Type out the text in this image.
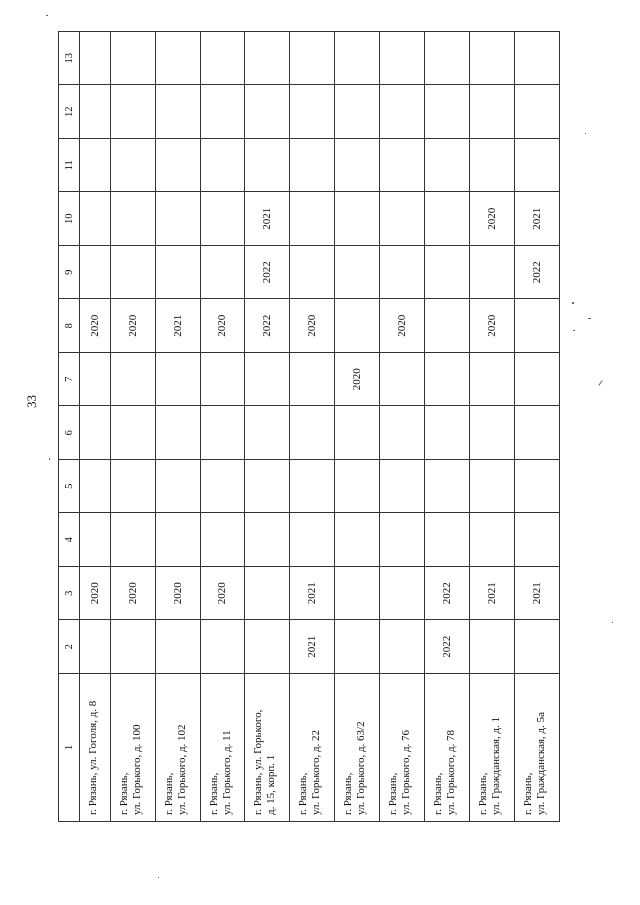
33
1	2	3	4	5	6	7	8	9	10	11	12	13
г. Рязань, ул. Гоголя, д. 8		2020					2020					
г. Рязань,
ул. Горького, д. 100		2020					2020					
г. Рязань,
ул. Горького, д. 102		2020					2021					
г. Рязань,
ул. Горького, д. 11		2020					2020					
г. Рязань, ул. Горького,
д. 15, корп. 1							2022	2022	2021			
г. Рязань,
ул. Горького, д. 22	2021	2021					2020					
г. Рязань,
ул. Горького, д. 63/2						2020						
г. Рязань,
ул. Горького, д. 76							2020					
г. Рязань,
ул. Горького, д. 78	2022	2022										
г. Рязань,
ул. Гражданская, д. 1		2021					2020		2020			
г. Рязань,
ул. Гражданская, д. 5а		2021						2022	2021			
